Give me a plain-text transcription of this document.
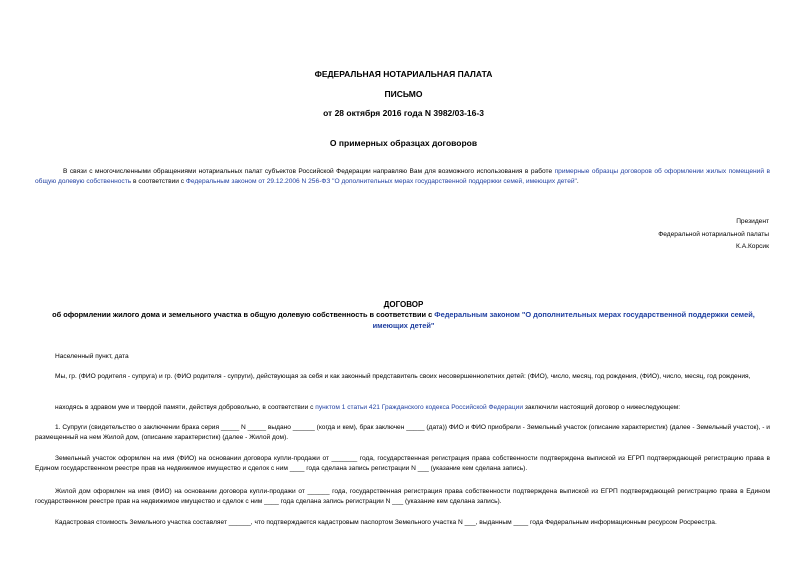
ФЕДЕРАЛЬНАЯ НОТАРИАЛЬНАЯ ПАЛАТА
ПИСЬМО
от 28 октября 2016 года N 3982/03-16-3
О примерных образцах договоров
В связи с многочисленными обращениями нотариальных палат субъектов Российской Федерации направляю Вам для возможного использования в работе примерные образцы договоров об оформлении жилых помещений в общую долевую собственность в соответствии с Федеральным законом от 29.12.2006 N 256-ФЗ "О дополнительных мерах государственной поддержки семей, имеющих детей".
Президент
Федеральной нотариальной палаты
К.А.Корсик
ДОГОВОР
об оформлении жилого дома и земельного участка в общую долевую собственность в соответствии с Федеральным законом "О дополнительных мерах государственной поддержки семей, имеющих детей"
Населенный пункт, дата
Мы, гр. (ФИО родителя - супруга) и гр. (ФИО родителя - супруги), действующая за себя и как законный представитель своих несовершеннолетних детей: (ФИО), число, месяц, год рождения, (ФИО), число, месяц, год рождения,
находясь в здравом уме и твердой памяти, действуя добровольно, в соответствии с пунктом 1 статьи 421 Гражданского кодекса Российской Федерации заключили настоящий договор о нижеследующем:
1. Супруги (свидетельство о заключении брака серия _____ N _____ выдано ______ (когда и кем), брак заключен _____ (дата)) ФИО и ФИО приобрели - Земельный участок (описание характеристик) (далее - Земельный участок), - и размещенный на нем Жилой дом, (описание характеристик) (далее - Жилой дом).
Земельный участок оформлен на имя (ФИО) на основании договора купли-продажи от _______ года, государственная регистрация права собственности подтверждена выпиской из ЕГРП подтверждающей регистрацию права в Едином государственном реестре прав на недвижимое имущество и сделок с ним ____ года сделана запись регистрации N ___ (указание кем сделана запись).
Жилой дом оформлен на имя (ФИО) на основании договора купли-продажи от ______ года, государственная регистрация права собственности подтверждена выпиской из ЕГРП подтверждающей регистрацию права в Едином государственном реестре прав на недвижимое имущество и сделок с ним ____ года сделана запись регистрации N ___ (указание кем сделана запись).
Кадастровая стоимость Земельного участка составляет ______, что подтверждается кадастровым паспортом Земельного участка N ___, выданным ____ года Федеральным информационным ресурсом Росреестра.
